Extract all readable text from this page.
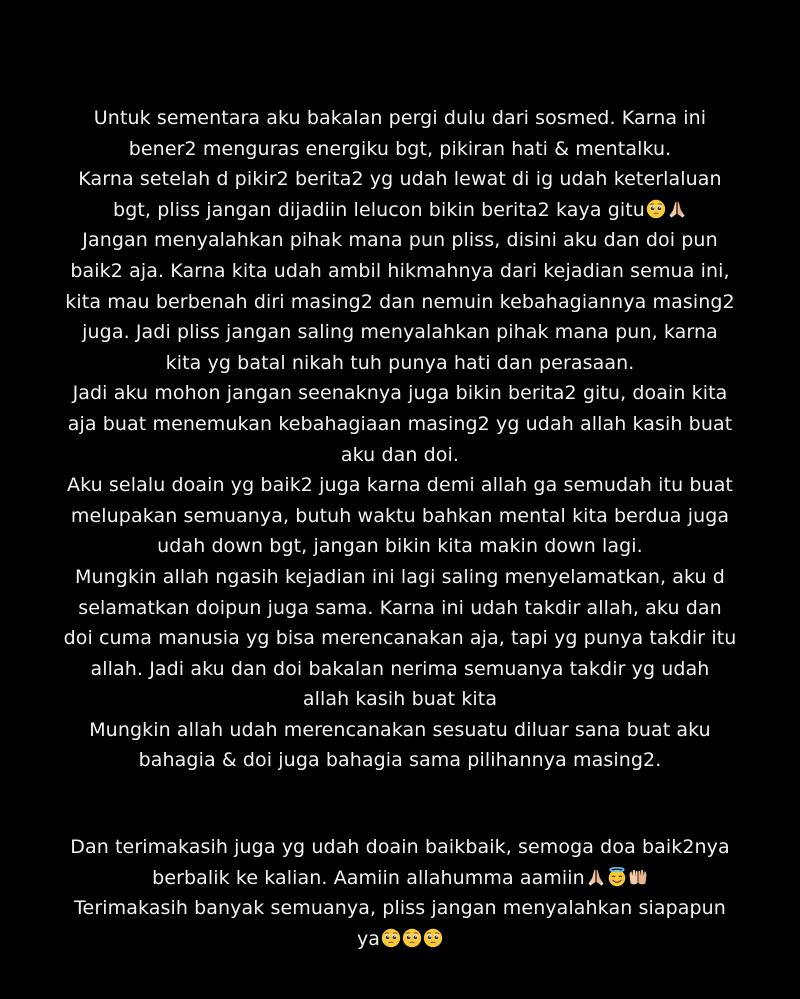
Untuk sementara aku bakalan pergi dulu dari sosmed. Karna ini
bener2 menguras energiku bgt, pikiran hati & mentalku.
Karna setelah d pikir2 berita2 yg udah lewat di ig udah keterlaluan
bgt, pliss jangan dijadiin lelucon bikin berita2 kaya gitu
Jangan menyalahkan pihak mana pun pliss, disini aku dan doi pun
baik2 aja. Karna kita udah ambil hikmahnya dari kejadian semua ini,
kita mau berbenah diri masing2 dan nemuin kebahagiannya masing2
juga. Jadi pliss jangan saling menyalahkan pihak mana pun, karna
kita yg batal nikah tuh punya hati dan perasaan.
Jadi aku mohon jangan seenaknya juga bikin berita2 gitu, doain kita
aja buat menemukan kebahagiaan masing2 yg udah allah kasih buat
aku dan doi.
Aku selalu doain yg baik2 juga karna demi allah ga semudah itu buat
melupakan semuanya, butuh waktu bahkan mental kita berdua juga
udah down bgt, jangan bikin kita makin down lagi.
Mungkin allah ngasih kejadian ini lagi saling menyelamatkan, aku d
selamatkan doipun juga sama. Karna ini udah takdir allah, aku dan
doi cuma manusia yg bisa merencanakan aja, tapi yg punya takdir itu
allah. Jadi aku dan doi bakalan nerima semuanya takdir yg udah
allah kasih buat kita
Mungkin allah udah merencanakan sesuatu diluar sana buat aku
bahagia & doi juga bahagia sama pilihannya masing2.
Dan terimakasih juga yg udah doain baikbaik, semoga doa baik2nya
berbalik ke kalian. Aamiin allahumma aamiin
Terimakasih banyak semuanya, pliss jangan menyalahkan siapapun
ya
